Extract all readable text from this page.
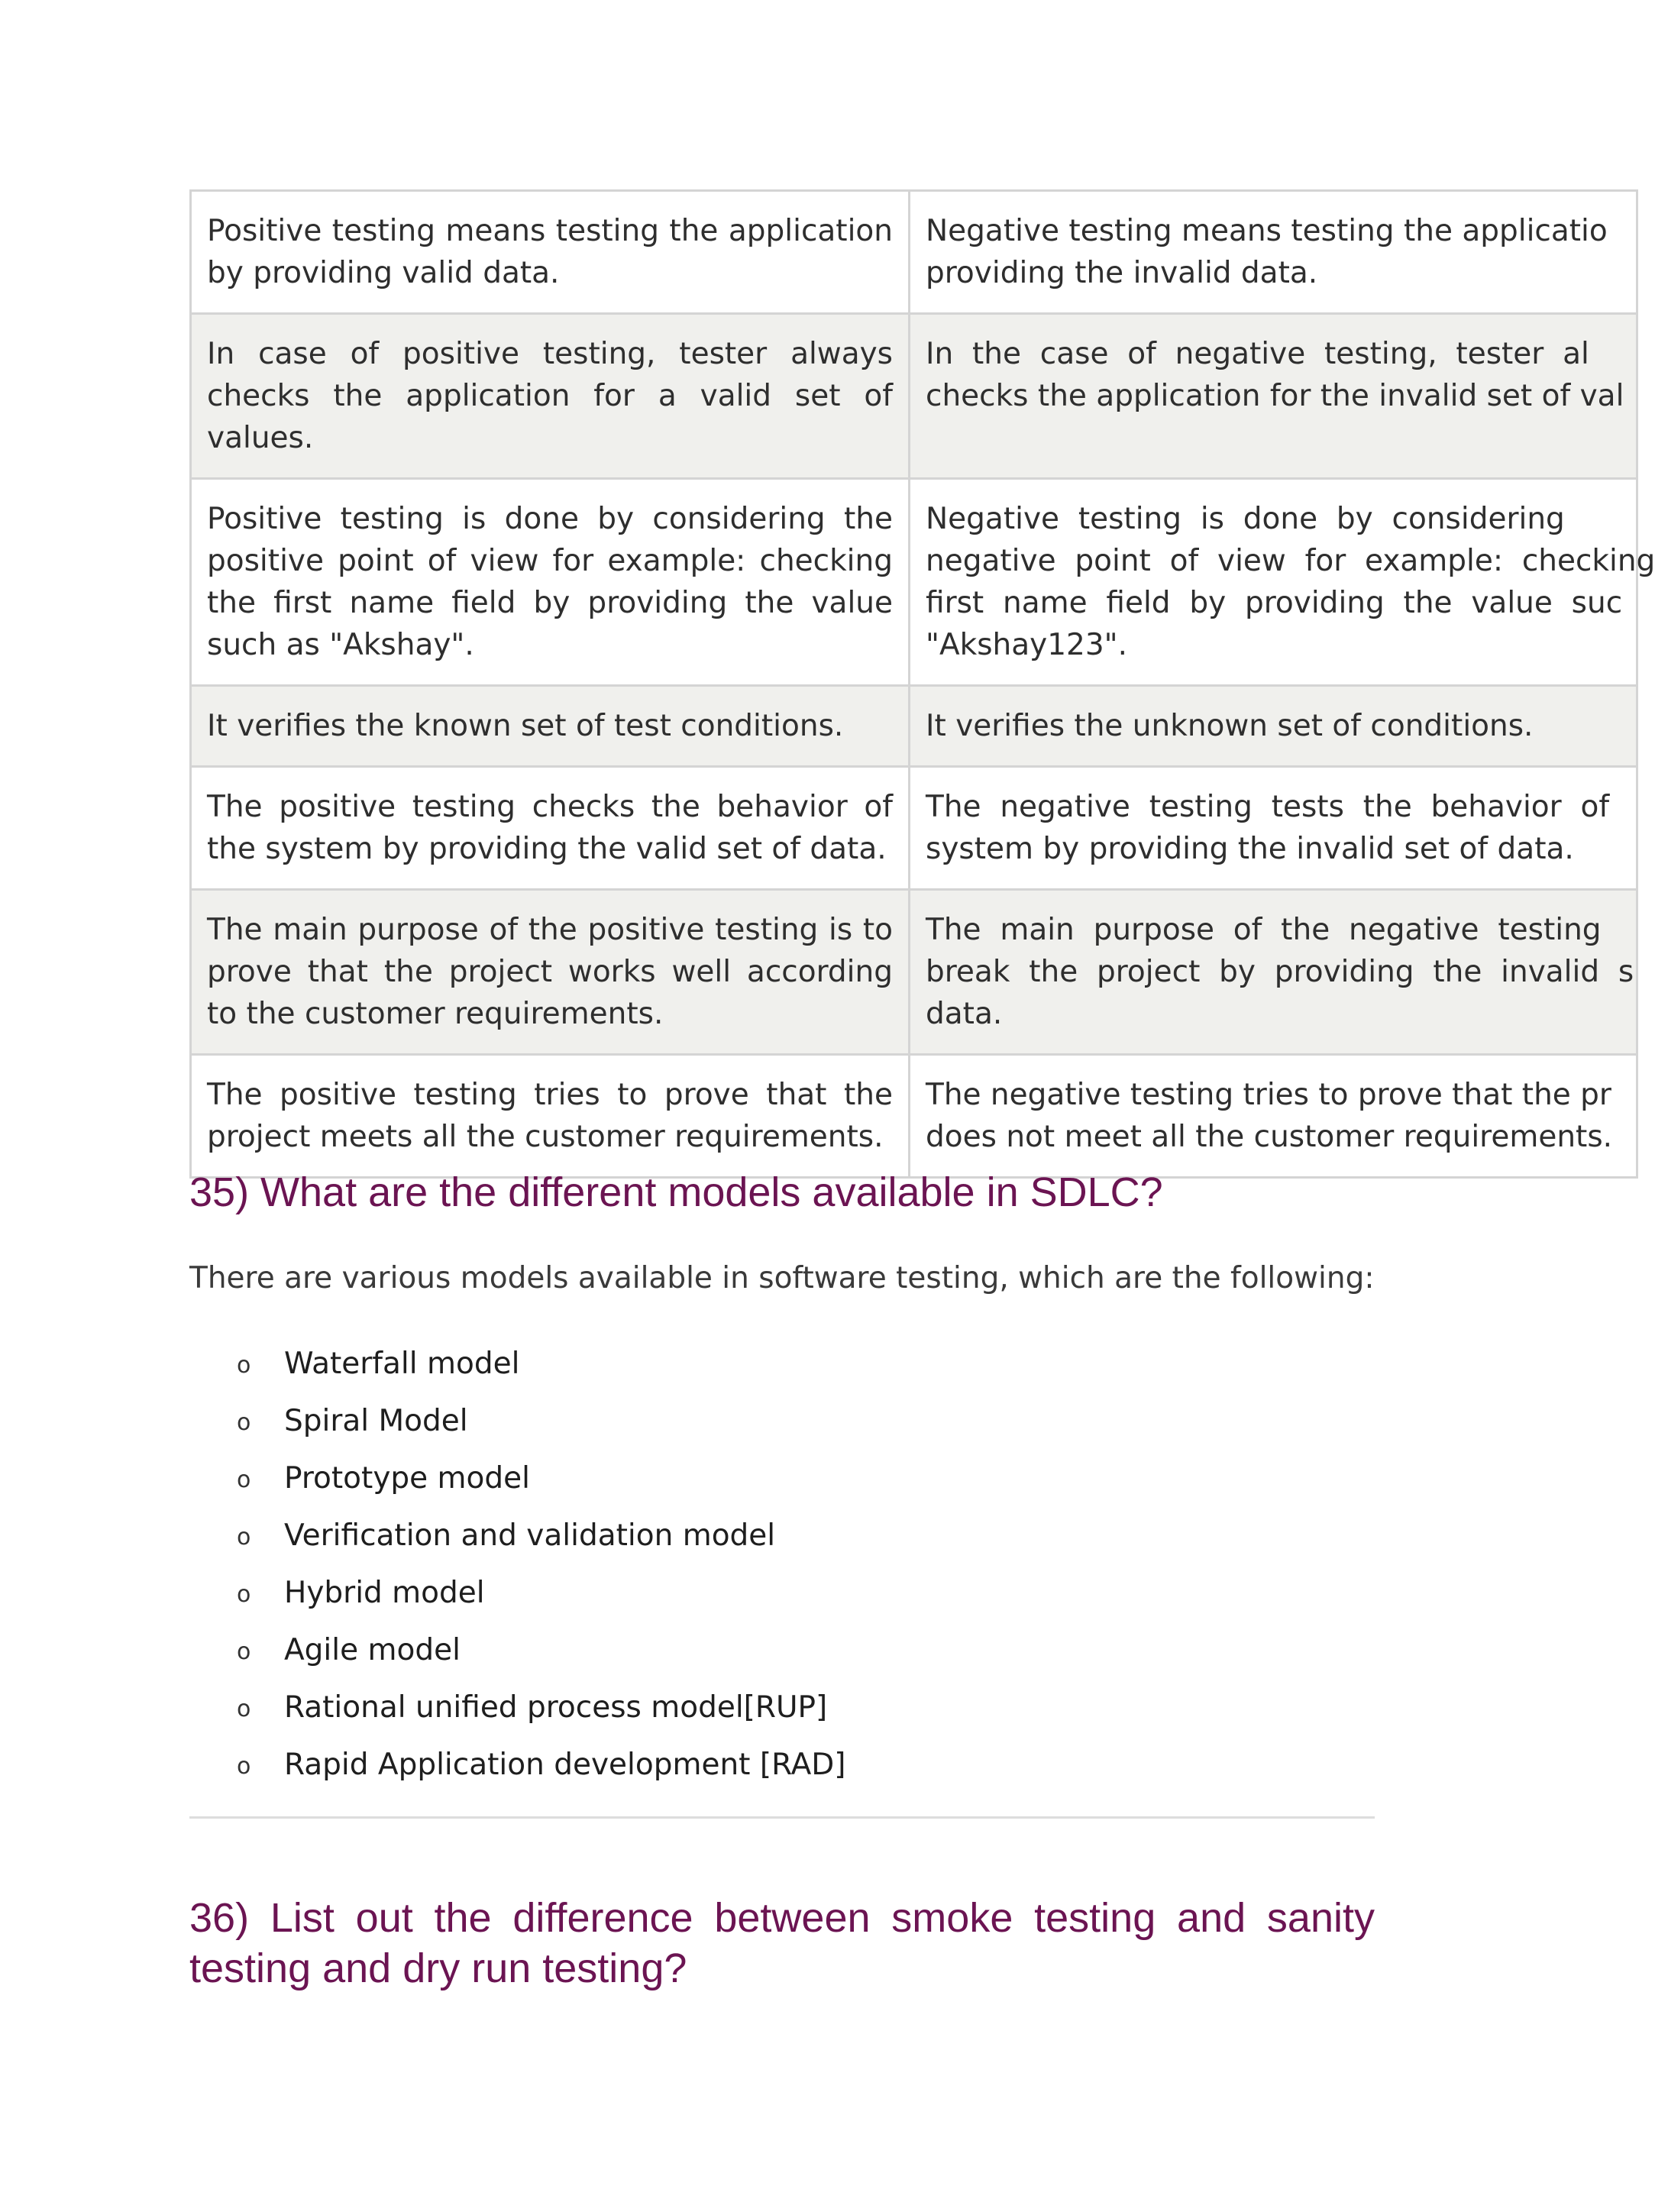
Positive testing means testing the application by providing valid data.	Negative testing means testing the applicatio
providing the invalid data.

In case of positive testing, tester always checks the application for a valid set of values.	In  the  case  of  negative  testing,  tester  al
checks the application for the invalid set of val

Positive testing is done by considering the positive point of view for example: checking the first name field by providing the value such as "Akshay".	Negative  testing  is  done  by  considering
negative  point  of  view  for  example:  checking
first  name  field  by  providing  the  value  suc
"Akshay123".

It verifies the known set of test conditions.	It verifies the unknown set of conditions.

The positive testing checks the behavior of the system by providing the valid set of data.	The  negative  testing  tests  the  behavior  of
system by providing the invalid set of data.

The main purpose of the positive testing is to prove that the project works well according to the customer requirements.	The  main  purpose  of  the  negative  testing
break  the  project  by  providing  the  invalid  s
data.

The positive testing tries to prove that the project meets all the customer requirements.	The negative testing tries to prove that the pr
does not meet all the customer requirements.
35) What are the different models available in SDLC?

There are various models available in software testing, which are the following:

o Waterfall model
o Spiral Model
o Prototype model
o Verification and validation model
o Hybrid model
o Agile model
o Rational unified process model[RUP]
o Rapid Application development [RAD]
36) List out the difference between smoke testing and sanity testing and dry run testing?
